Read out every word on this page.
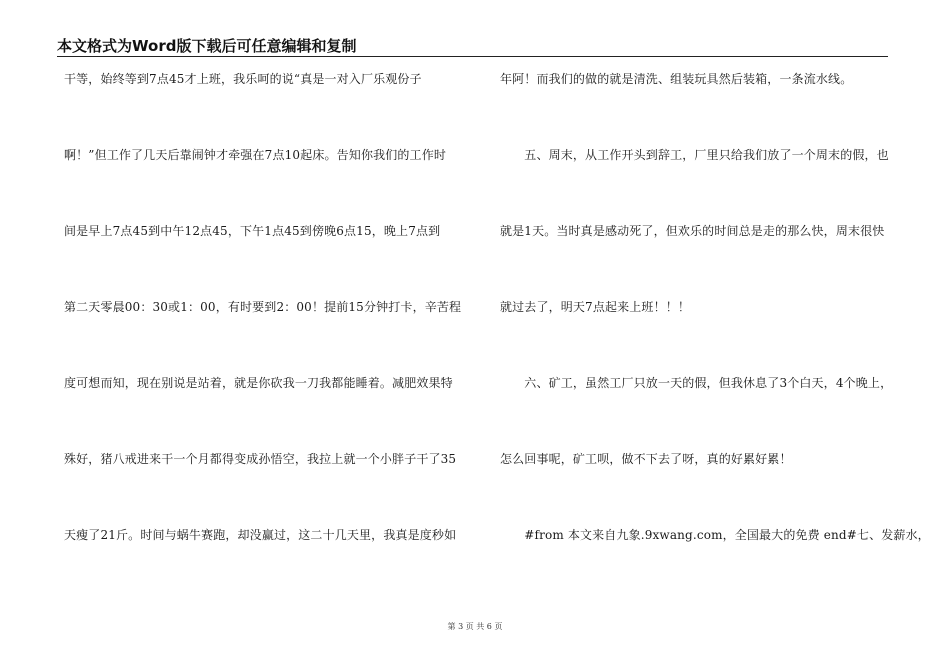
本文格式为Word版下载后可任意编辑和复制
干等，始终等到7点45才上班，我乐呵的说“真是一对入厂乐观份子
啊！”但工作了几天后靠闹钟才牵强在7点10起床。告知你我们的工作时
间是早上7点45到中午12点45，下午1点45到傍晚6点15，晚上7点到
第二天零晨00：30或1：00，有时要到2：00！提前15分钟打卡，辛苦程
度可想而知，现在别说是站着，就是你砍我一刀我都能睡着。减肥效果特
殊好，猪八戒进来干一个月都得变成孙悟空，我拉上就一个小胖子干了35
天瘦了21斤。时间与蜗牛赛跑，却没赢过，这二十几天里，我真是度秒如
年阿！而我们的做的就是清洗、组装玩具然后装箱，一条流水线。
　　五、周末，从工作开头到辞工，厂里只给我们放了一个周末的假，也
就是1天。当时真是感动死了，但欢乐的时间总是走的那么快，周末很快
就过去了，明天7点起来上班！！！
　　六、矿工，虽然工厂只放一天的假，但我休息了3个白天，4个晚上，
怎么回事呢，矿工呗，做不下去了呀，真的好累好累！
　　#from 本文来自九象.9xwang.com，全国最大的免费 end#七、发薪水，
第 3 页 共 6 页
